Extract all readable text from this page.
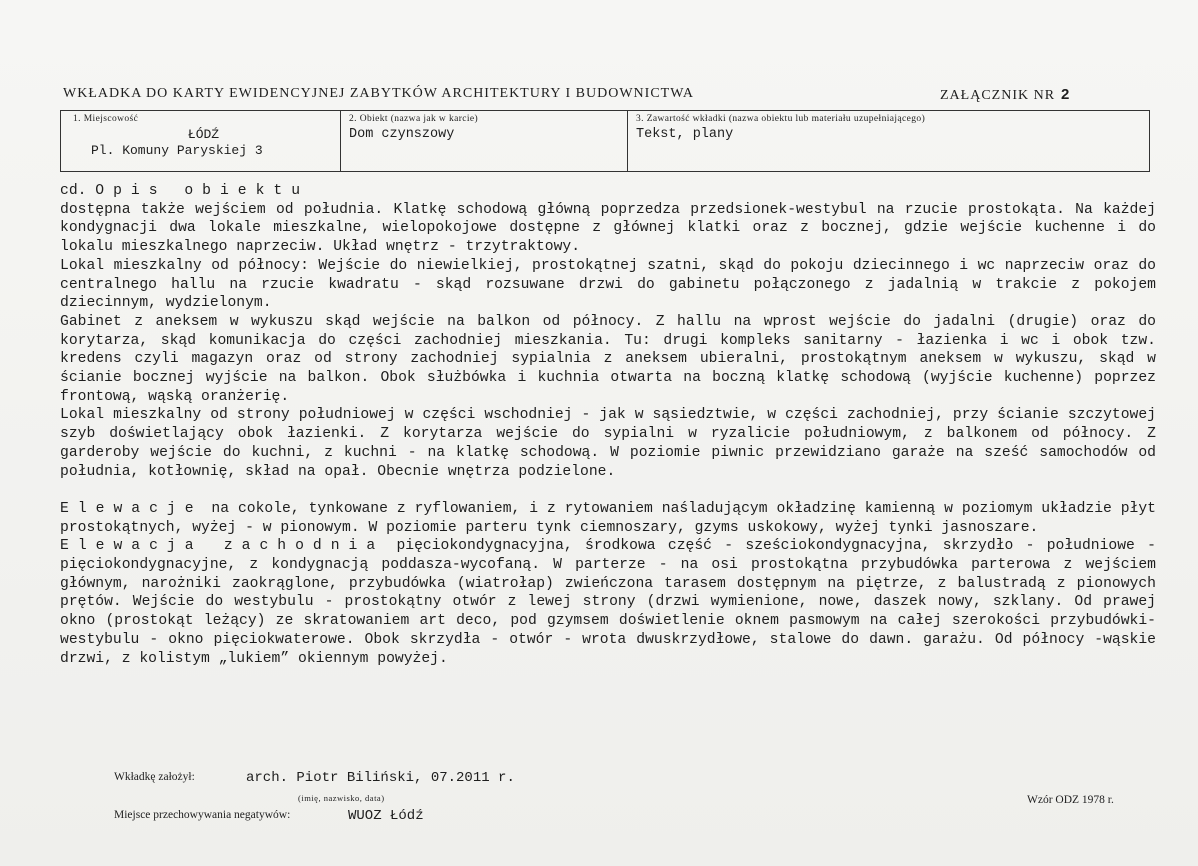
WKŁADKA DO KARTY EWIDENCYJNEJ ZABYTKÓW ARCHITEKTURY I BUDOWNICTWA	ZAŁĄCZNIK NR 2
1. Miejscowość
ŁÓDŹ
Pl. Komuny Paryskiej 3
2. Obiekt (nazwa jak w karcie)
Dom czynszowy
3. Zawartość wkładki (nazwa obiektu lub materiału uzupełniającego)
Tekst, plany

cd. Opis obiektu

dostępna także wejściem od południa. Klatkę schodową główną poprzedza przedsionek-westybul na rzucie prostokąta. Na każdej kondygnacji dwa lokale mieszkalne, wielopokojowe dostępne z głównej klatki oraz z bocznej, gdzie wejście kuchenne i do lokalu mieszkalnego naprzeciw. Układ wnętrz - trzytraktowy.

Lokal mieszkalny od północy: Wejście do niewielkiej, prostokątnej szatni, skąd do pokoju dziecinnego i wc naprzeciw oraz do centralnego hallu na rzucie kwadratu - skąd rozsuwane drzwi do gabinetu połączonego z jadalnią w trakcie z pokojem dziecinnym, wydzielonym.

Gabinet z aneksem w wykuszu skąd wejście na balkon od północy. Z hallu na wprost wejście do jadalni (drugie) oraz do korytarza, skąd komunikacja do części zachodniej mieszkania. Tu: drugi kompleks sanitarny - łazienka i wc i obok tzw. kredens czyli magazyn oraz od strony zachodniej sypialnia z aneksem ubieralni, prostokątnym aneksem w wykuszu, skąd w ścianie bocznej wyjście na balkon. Obok służbówka i kuchnia otwarta na boczną klatkę schodową (wyjście kuchenne) poprzez frontową, wąską oranżerię.

Lokal mieszkalny od strony południowej w części wschodniej - jak w sąsiedztwie, w części zachodniej, przy ścianie szczytowej szyb doświetlający obok łazienki. Z korytarza wejście do sypialni w ryzalicie południowym, z balkonem od północy. Z garderoby wejście do kuchni, z kuchni - na klatkę schodową. W poziomie piwnic przewidziano garaże na sześć samochodów od południa, kotłownię, skład na opał. Obecnie wnętrza podzielone.

Elewacje na cokole, tynkowane z ryflowaniem, i z rytowaniem naśladującym okładzinę kamienną w poziomym układzie płyt prostokątnych, wyżej - w pionowym. W poziomie parteru tynk ciemnoszary, gzyms uskokowy, wyżej tynki jasnoszare.

Elewacja zachodnia pięciokondygnacyjna, środkowa część - sześciokondygnacyjna, skrzydło - południowe - pięciokondygnacyjne, z kondygnacją poddasza-wycofaną. W parterze - na osi prostokątna przybudówka parterowa z wejściem głównym, narożniki zaokrąglone, przybudówka (wiatrołap) zwieńczona tarasem dostępnym na piętrze, z balustradą z pionowych prętów. Wejście do westybulu - prostokątny otwór z lewej strony (drzwi wymienione, nowe, daszek nowy, szklany. Od prawej okno (prostokąt leżący) ze skratowaniem art deco, pod gzymsem doświetlenie oknem pasmowym na całej szerokości przybudówki-westybulu - okno pięciokwaterowe. Obok skrzydła - otwór - wrota dwuskrzydłowe, stalowe do dawn. garażu. Od północy -wąskie drzwi, z kolistym „lukiem” okiennym powyżej.

Wkładkę założył:	arch. Piotr Biliński, 07.2011 r.
(imię, nazwisko, data)
Miejsce przechowywania negatywów:	WUOZ Łódź
Wzór ODZ 1978 r.
